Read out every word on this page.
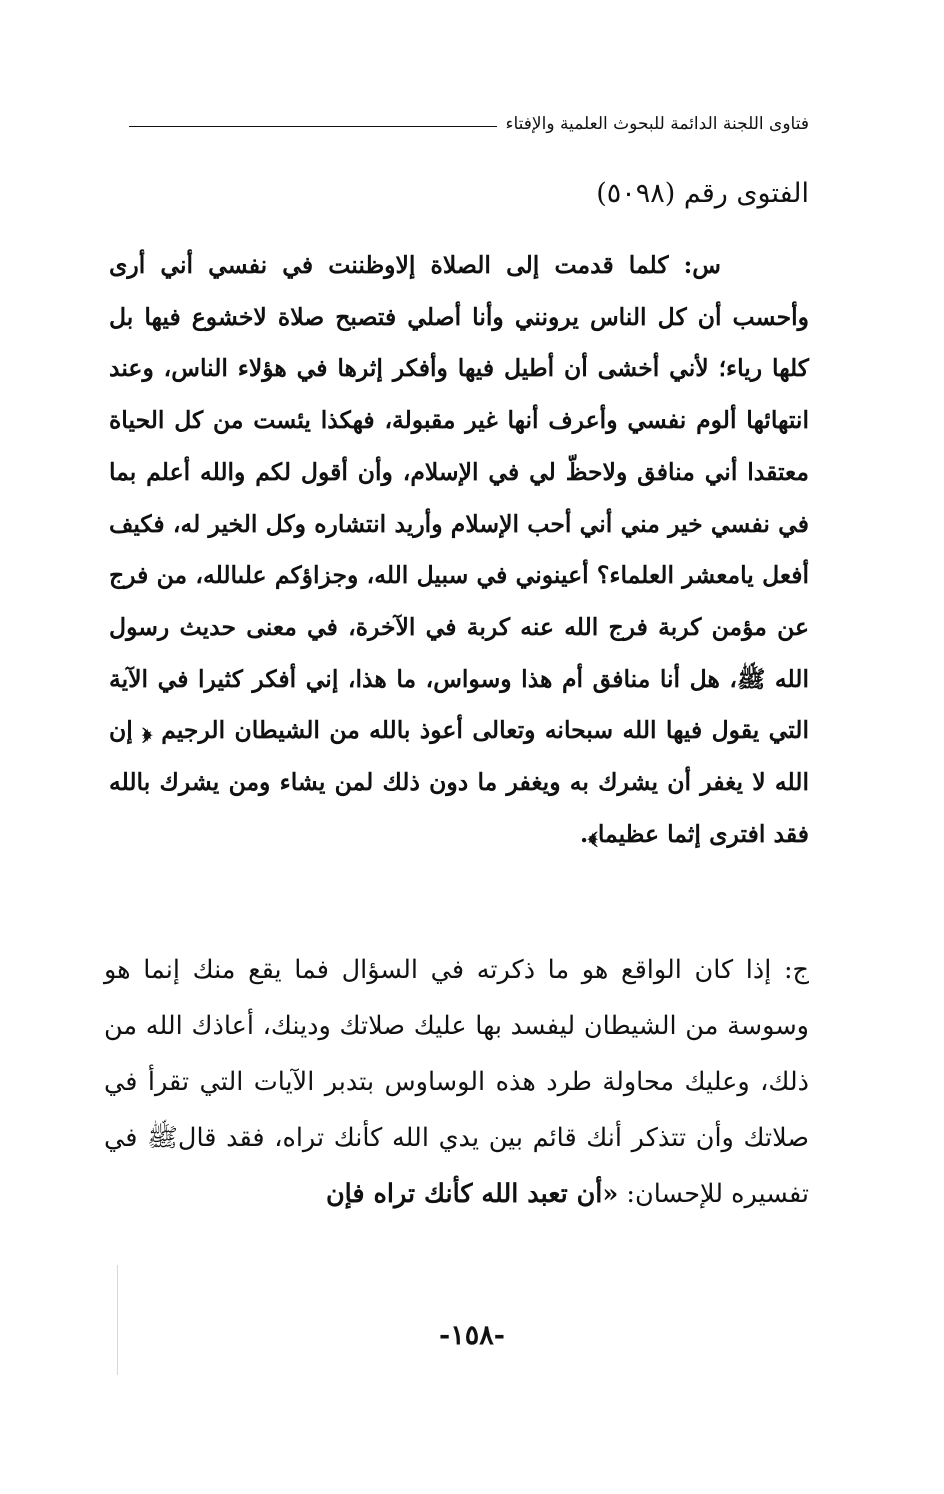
فتاوى اللجنة الدائمة للبحوث العلمية والإفتاء
الفتوى رقم (٥٠٩٨)
س: كلما قدمت إلى الصلاة إلاوظننت في نفسي أني أرى وأحسب أن كل الناس يرونني وأنا أصلي فتصبح صلاة لاخشوع فيها بل كلها رياء؛ لأني أخشى أن أطيل فيها وأفكر إثرها في هؤلاء الناس، وعند انتهائها ألوم نفسي وأعرف أنها غير مقبولة، فهكذا يئست من كل الحياة معتقدا أني منافق ولاحظّ لي في الإسلام، وأن أقول لكم والله أعلم بما في نفسي خير مني أني أحب الإسلام وأريد انتشاره وكل الخير له، فكيف أفعل يامعشر العلماء؟ أعينوني في سبيل الله، وجزاؤكم علىالله، من فرج عن مؤمن كربة فرج الله عنه كربة في الآخرة، في معنى حديث رسول الله ﷺ، هل أنا منافق أم هذا وسواس، ما هذا، إني أفكر كثيرا في الآية التي يقول فيها الله سبحانه وتعالى أعوذ بالله من الشيطان الرجيم ﴿ إن الله لا يغفر أن يشرك به ويغفر ما دون ذلك لمن يشاء ومن يشرك بالله فقد افترى إثما عظيما﴾.
ج: إذا كان الواقع هو ما ذكرته في السؤال فما يقع منك إنما هو وسوسة من الشيطان ليفسد بها عليك صلاتك ودينك، أعاذك الله من ذلك، وعليك محاولة طرد هذه الوساوس بتدبر الآيات التي تقرأ في صلاتك وأن تتذكر أنك قائم بين يدي الله كأنك تراه، فقد قالﷺ في تفسيره للإحسان: «أن تعبد الله كأنك تراه فإن
-١٥٨-
